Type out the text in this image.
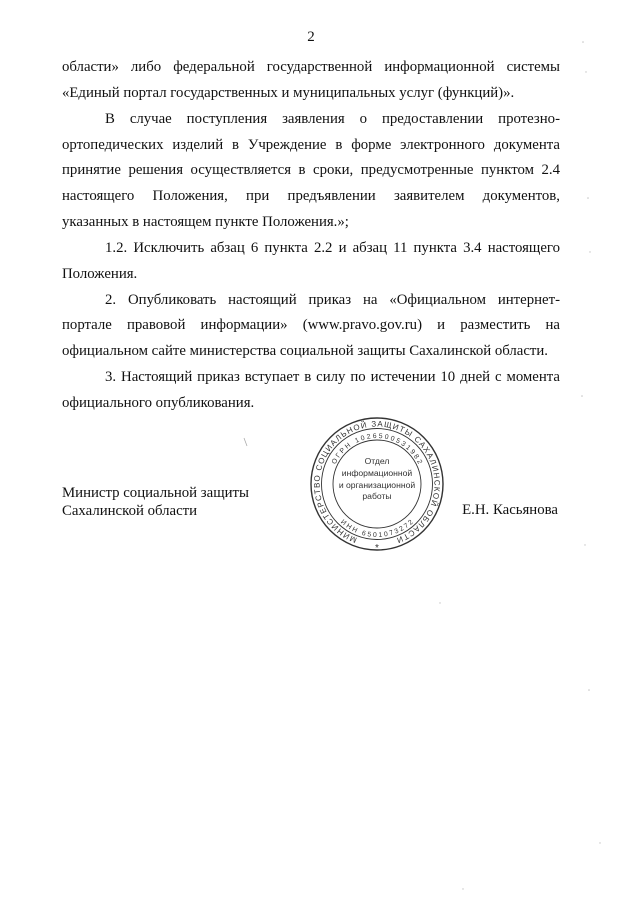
2
области» либо федеральной государственной информационной системы
«Единый портал государственных и муниципальных услуг (функций)».
В случае поступления заявления о предоставлении протезно-
ортопедических изделий в Учреждение в форме электронного документа
принятие решения осуществляется в сроки, предусмотренные пунктом 2.4
настоящего Положения, при предъявлении заявителем документов,
указанных в настоящем пункте Положения.»;
1.2. Исключить абзац 6 пункта 2.2 и абзац 11 пункта 3.4 настоящего
Положения.
2. Опубликовать настоящий приказ на «Официальном интернет-
портале правовой информации» (www.pravo.gov.ru) и разместить на
официальном сайте министерства социальной защиты Сахалинской области.
3. Настоящий приказ вступает в силу по истечении 10 дней с момента
официального опубликования.
Министр социальной защиты
Сахалинской области	Е.Н. Касьянова
МИНИСТЕРСТВО СОЦИАЛЬНОЙ ЗАЩИТЫ САХАЛИНСКОЙ ОБЛАСТИ
*
ОГРН 1026500531982
ИНН 6501073272
Отдел
информационной
и организационной
работы
